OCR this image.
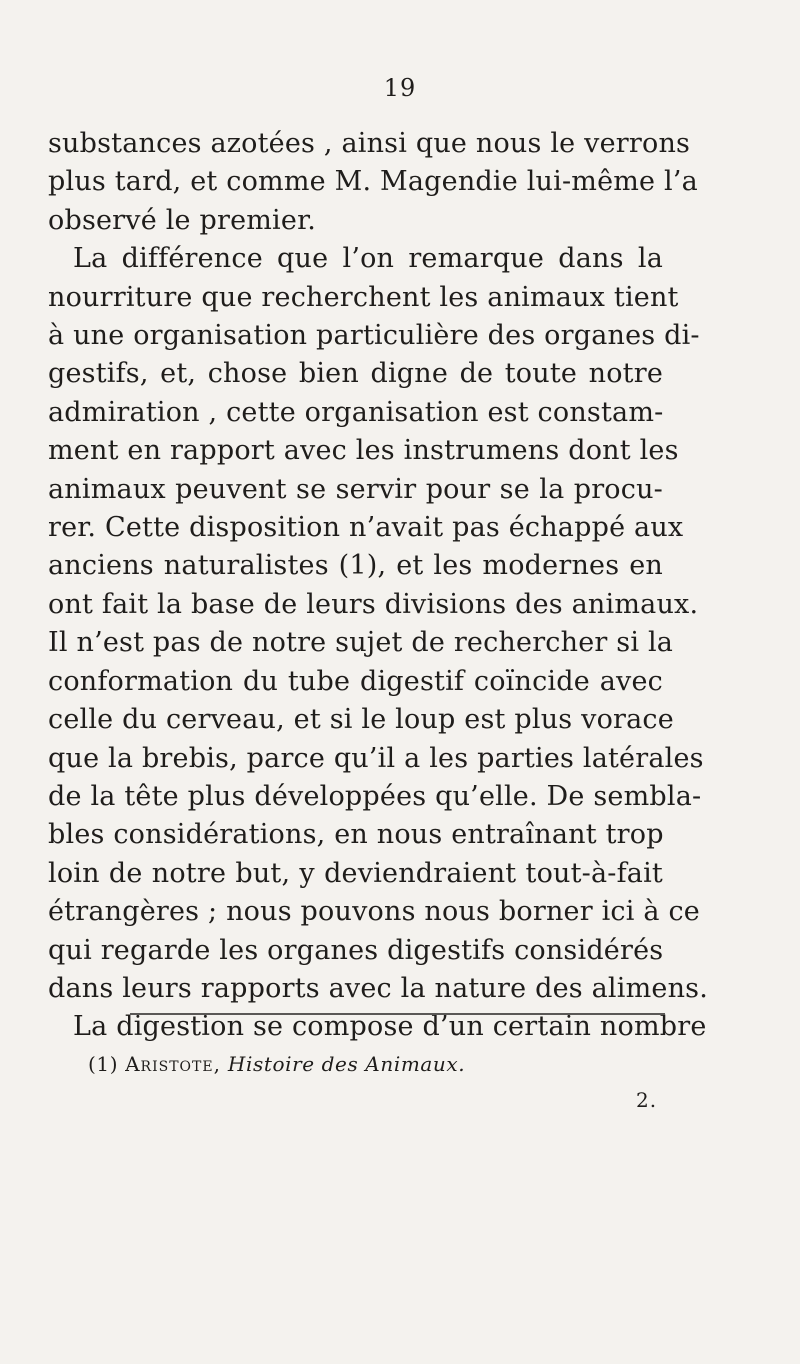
19
substances azotées , ainsi que nous le verrons
plus tard, et comme M. Magendie lui-même l’a
observé le premier.
La différence que l’on remarque dans la
nourriture que recherchent les animaux tient
à une organisation particulière des organes di-
gestifs, et, chose bien digne de toute notre
admiration , cette organisation est constam-
ment en rapport avec les instrumens dont les
animaux peuvent se servir pour se la procu-
rer. Cette disposition n’avait pas échappé aux
anciens naturalistes (1), et les modernes en
ont fait la base de leurs divisions des animaux.
Il n’est pas de notre sujet de rechercher si la
conformation du tube digestif coïncide avec
celle du cerveau, et si le loup est plus vorace
que la brebis, parce qu’il a les parties latérales
de la tête plus développées qu’elle. De sembla-
bles considérations, en nous entraînant trop
loin de notre but, y deviendraient tout-à-fait
étrangères ; nous pouvons nous borner ici à ce
qui regarde les organes digestifs considérés
dans leurs rapports avec la nature des alimens.
La digestion se compose d’un certain nombre
(1) Aristote, Histoire des Animaux.
2.
